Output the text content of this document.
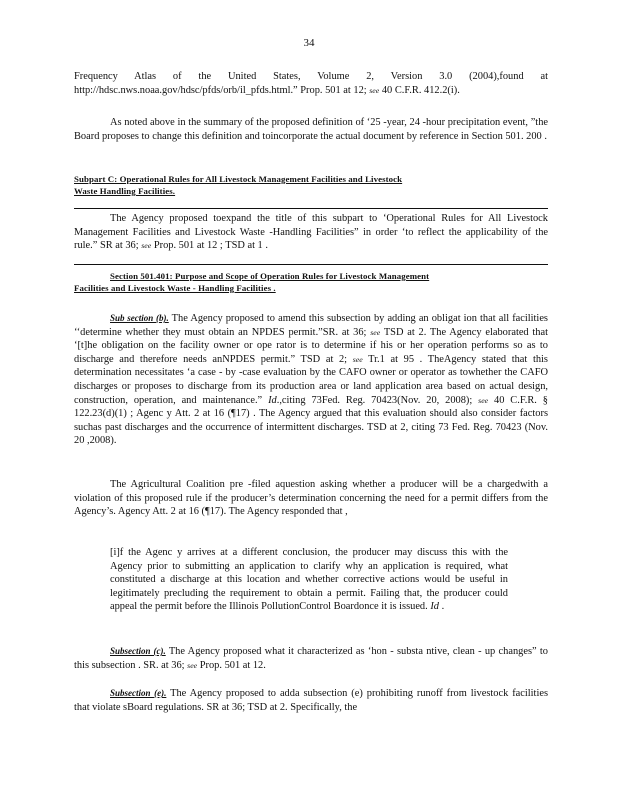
34

Frequency Atlas of the United States, Volume 2, Version 3.0 (2004),found at http://hdsc.nws.noaa.gov/hdsc/pfds/orb/il_pfds.html.” Prop. 501 at 12; see 40 C.F.R. 412.2(i).

As noted above in the summary of the proposed definition of ‘25 -year, 24 -hour precipitation event, ”the Board proposes to change this definition and toincorporate the actual document by reference in Section 501. 200 .

Subpart C: Operational Rules for All Livestock Management Facilities and Livestock
Waste Handling Facilities.

The Agency proposed toexpand the title of this subpart to ‘Operational Rules for All Livestock Management Facilities and Livestock Waste -Handling Facilities” in order ‘to reflect the applicability of the rule.” SR at 36; see Prop. 501 at 12 ; TSD at 1 .

Section 501.401: Purpose and Scope of Operation Rules for Livestock Management
Facilities and Livestock Waste - Handling Facilities .

Sub section (b). The Agency proposed to amend this subsection by adding an obligat ion that all facilities ‘‘determine whether they must obtain an NPDES permit.”SR. at 36; see TSD at 2. The Agency elaborated that ‘[t]he obligation on the facility owner or ope rator is to determine if his or her operation performs so as to discharge and therefore needs anNPDES permit.” TSD at 2; see Tr.1 at 95 . TheAgency stated that this determination necessitates ‘a case - by -case evaluation by the CAFO owner or operator as towhether the CAFO discharges or proposes to discharge from its production area or land application area based on actual design, construction, operation, and maintenance.” Id.,citing 73Fed. Reg. 70423(Nov. 20, 2008); see 40 C.F.R. § 122.23(d)(1) ; Agenc y Att. 2 at 16 (¶17) . The Agency argued that this evaluation should also consider factors suchas past discharges and the occurrence of intermittent discharges. TSD at 2, citing 73 Fed. Reg. 70423 (Nov. 20 ,2008).

The Agricultural Coalition pre -filed aquestion asking whether a producer will be a chargedwith a violation of this proposed rule if the producer’s determination concerning the need for a permit differs from the Agency’s. Agency Att. 2 at 16 (¶17). The Agency responded that ,

[i]f the Agenc y arrives at a different conclusion, the producer may discuss this with the Agency prior to submitting an application to clarify why an application is required, what constituted a discharge at this location and whether corrective actions would be useful in legitimately precluding the requirement to obtain a permit. Failing that, the producer could appeal the permit before the Illinois PollutionControl Boardonce it is issued. Id .

Subsection (c). The Agency proposed what it characterized as ‘hon - substa ntive, clean - up changes” to this subsection . SR. at 36; see Prop. 501 at 12.

Subsection (e). The Agency proposed to adda subsection (e) prohibiting runoff from livestock facilities that violate sBoard regulations. SR at 36; TSD at 2. Specifically, the
